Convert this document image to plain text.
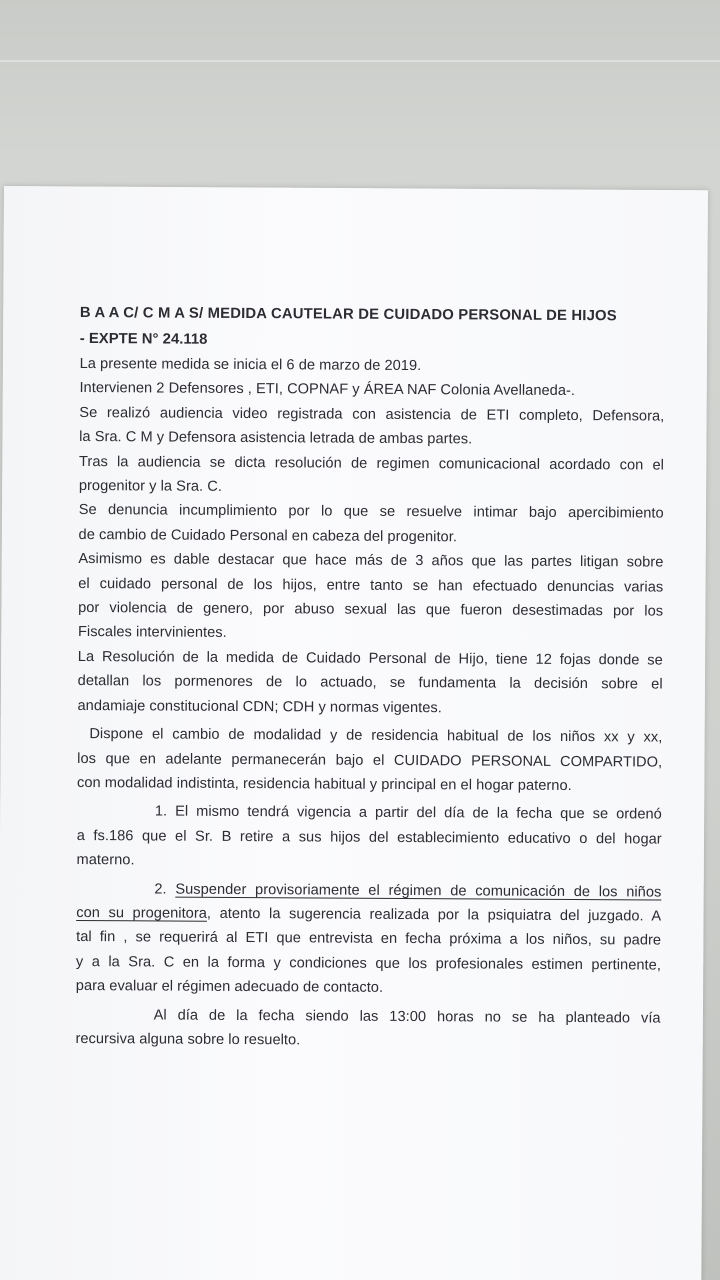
B A A C/ C M A S/ MEDIDA CAUTELAR DE CUIDADO PERSONAL DE HIJOS
- EXPTE N° 24.118

La presente medida se inicia el 6 de marzo de 2019.

Intervienen 2 Defensores , ETI, COPNAF y ÁREA NAF Colonia Avellaneda-.

Se realizó audiencia video registrada con asistencia de ETI completo, Defensora,
la Sra. C M y Defensora asistencia letrada de ambas partes.

Tras la audiencia se dicta resolución de regimen comunicacional acordado con el
progenitor y la Sra. C.

Se denuncia incumplimiento por lo que se resuelve intimar bajo apercibimiento
de cambio de Cuidado Personal en cabeza del progenitor.

Asimismo es dable destacar que hace más de 3 años que las partes litigan sobre
el cuidado personal de los hijos, entre tanto se han efectuado denuncias varias
por violencia de genero, por abuso sexual las que fueron desestimadas por los
Fiscales intervinientes.

La Resolución de la medida de Cuidado Personal de Hijo, tiene 12 fojas donde se
detallan los pormenores de lo actuado, se fundamenta la decisión sobre el
andamiaje constitucional CDN; CDH y normas vigentes.

Dispone el cambio de modalidad y de residencia habitual de los niños xx y xx,
los que en adelante permanecerán bajo el CUIDADO PERSONAL COMPARTIDO,
con modalidad indistinta, residencia habitual y principal en el hogar paterno.

1. El mismo tendrá vigencia a partir del día de la fecha que se ordenó
a fs.186 que el Sr. B retire a sus hijos del establecimiento educativo o del hogar
materno.

2. Suspender provisoriamente el régimen de comunicación de los niños
con su progenitora, atento la sugerencia realizada por la psiquiatra del juzgado. A
tal fin , se requerirá al ETI que entrevista en fecha próxima a los niños, su padre
y a la Sra. C en la forma y condiciones que los profesionales estimen pertinente,
para evaluar el régimen adecuado de contacto.

Al día de la fecha siendo las 13:00 horas no se ha planteado vía
recursiva alguna sobre lo resuelto.
